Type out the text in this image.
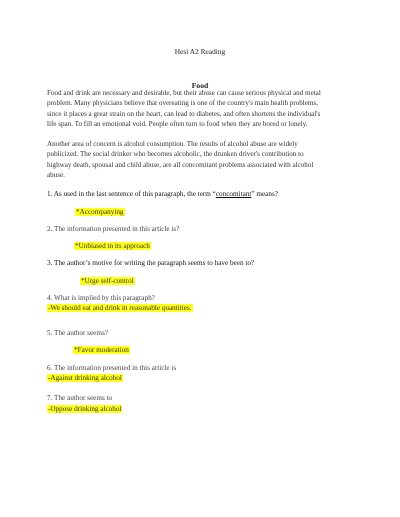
Hesi A2 Reading
Food
Food and drink are necessary and desirable, but their abuse can cause serious physical and metal
problem. Many physicians believe that overeating is one of the country's main health problems,
since it places a great strain on the heart, can lead to diabetes, and often shortens the individual's
life span. To fill an emotional void. People often turn to food when they are bored or lonely.
Another area of concern is alcohol consumption. The results of alcohol abuse are widely
publicized. The social drinker who becomes alcoholic, the drunken driver's contribution to
highway death, spousal and child abuse, are all concomitant problems associated with alcohol
abuse.
1. As used in the last sentence of this paragraph, the term “concomitant” means?
*Accompanying
2. The information presented in this article is?
*Unbiased in its approach
3. The author’s motive for writing the paragraph seems to have been to?
*Urge self-control
4. What is implied by this paragraph?
-We should eat and drink in reasonable quantities.
5. The author seems?
*Favor moderation
6. The information presented in this article is
-Against drinking alcohol
7. The author seems to
-Oppose drinking alcohol
